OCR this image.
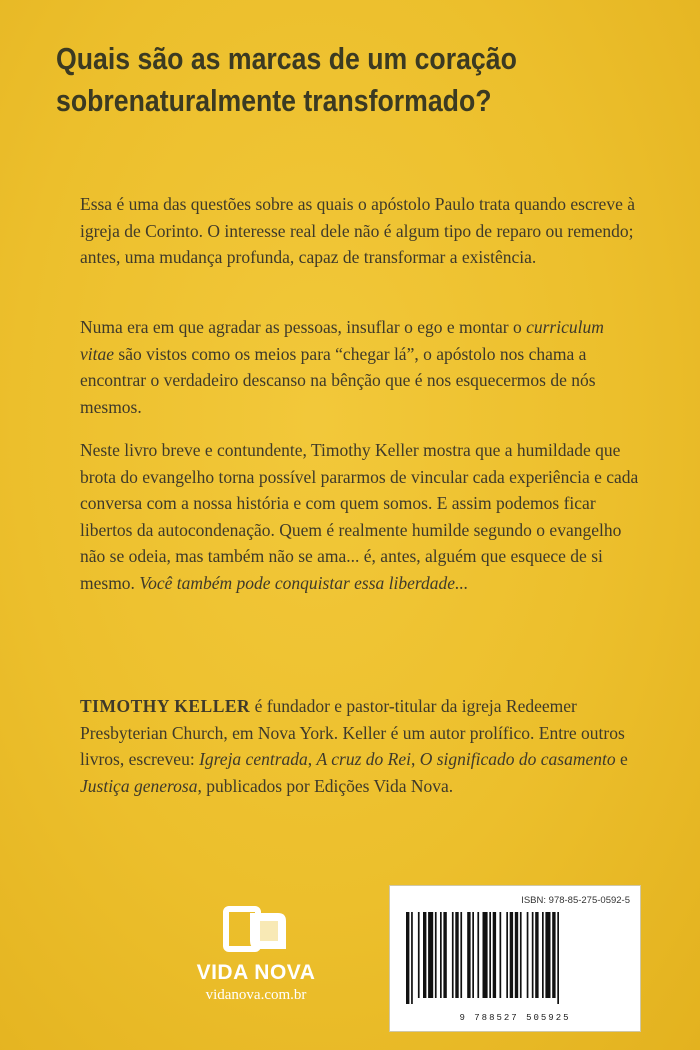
Quais são as marcas de um coração
sobrenaturalmente transformado?

Essa é uma das questões sobre as quais o apóstolo Paulo trata quando escreve à igreja de Corinto. O interesse real dele não é algum tipo de reparo ou remendo; antes, uma mudança profunda, capaz de transformar a existência.

Numa era em que agradar as pessoas, insuflar o ego e montar o curriculum vitae são vistos como os meios para “chegar lá”, o apóstolo nos chama a encontrar o verdadeiro descanso na bênção que é nos esquecermos de nós mesmos.

Neste livro breve e contundente, Timothy Keller mostra que a humildade que brota do evangelho torna possível pararmos de vincular cada experiência e cada conversa com a nossa história e com quem somos. E assim podemos ficar libertos da autocondenação. Quem é realmente humilde segundo o evangelho não se odeia, mas também não se ama... é, antes, alguém que esquece de si mesmo. Você também pode conquistar essa liberdade...

TIMOTHY KELLER é fundador e pastor-titular da igreja Redeemer Presbyterian Church, em Nova York. Keller é um autor prolífico. Entre outros livros, escreveu: Igreja centrada, A cruz do Rei, O significado do casamento e Justiça generosa, publicados por Edições Vida Nova.

VIDA NOVA
vidanova.com.br
ISBN: 978-85-275-0592-5
9 788527 505925
